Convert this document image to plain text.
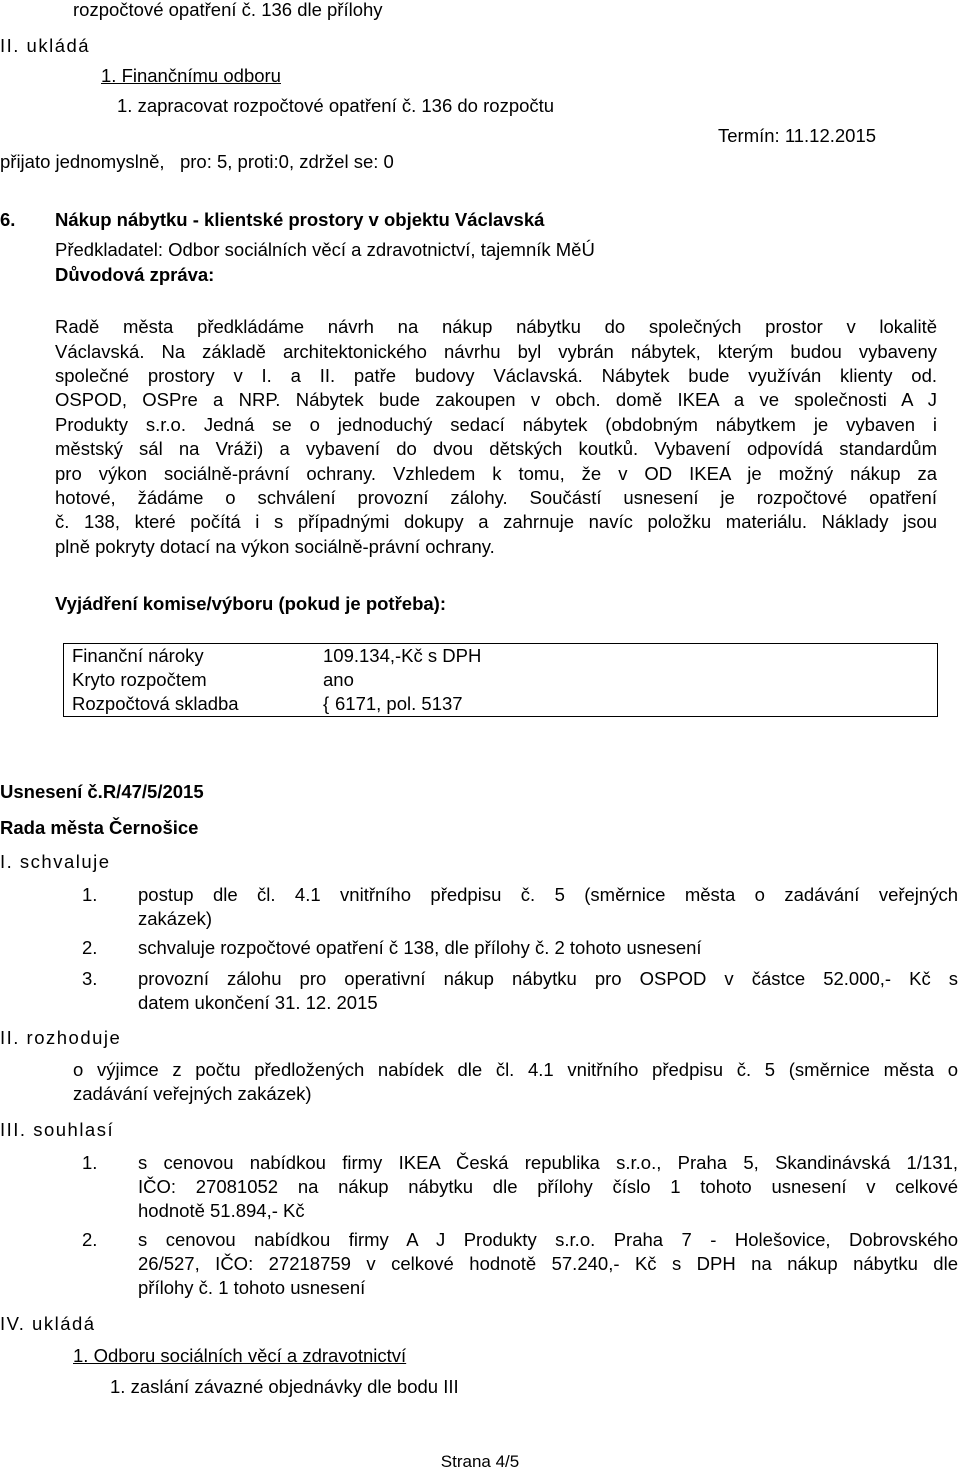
rozpočtové opatření č. 136 dle přílohy
II. ukládá
1. Finančnímu odboru
1. zapracovat rozpočtové opatření č. 136 do rozpočtu
přijato jednomyslně,   pro: 5, proti:0, zdržel se: 0
Termín: 11.12.2015
6. Nákup nábytku - klientské prostory v objektu Václavská
Předkladatel: Odbor sociálních věcí a zdravotnictví, tajemník MěÚ
Důvodová zpráva:
Radě města předkládáme návrh na nákup nábytku do společných prostor v lokalitě
Václavská. Na základě architektonického návrhu byl vybrán nábytek, kterým budou vybaveny
společné prostory v I. a II. patře budovy Václavská. Nábytek bude využíván klienty od.
OSPOD, OSPre a NRP. Nábytek bude zakoupen v obch. domě IKEA a ve společnosti A J
Produkty s.r.o. Jedná se o jednoduchý sedací nábytek (obdobným nábytkem je vybaven i
městský sál na Vráži) a vybavení do dvou dětských koutků. Vybavení odpovídá standardům
pro výkon sociálně-právní ochrany. Vzhledem k tomu, že v OD IKEA je možný nákup za
hotové, žádáme o schválení provozní zálohy. Součástí usnesení je rozpočtové opatření
č. 138, které počítá i s případnými dokupy a zahrnuje navíc položku materiálu. Náklady jsou
plně pokryty dotací na výkon sociálně-právní ochrany.
Vyjádření komise/výboru (pokud je potřeba):
Finanční nároky	109.134,-Kč s DPH
Kryto rozpočtem	ano
Rozpočtová skladba	{ 6171, pol. 5137
Usnesení č.R/47/5/2015
Rada města Černošice
I. schvaluje
1. postup dle čl. 4.1 vnitřního předpisu č. 5 (směrnice města o zadávání veřejných
zakázek)
2. schvaluje rozpočtové opatření č 138, dle přílohy č. 2 tohoto usnesení
3. provozní zálohu pro operativní nákup nábytku pro OSPOD v částce 52.000,- Kč s
datem ukončení 31. 12. 2015
II. rozhoduje
o výjimce z počtu předložených nabídek dle čl. 4.1 vnitřního předpisu č. 5 (směrnice města o
zadávání veřejných zakázek)
III. souhlasí
1. s cenovou nabídkou firmy IKEA Česká republika s.r.o., Praha 5, Skandinávská 1/131,
IČO: 27081052 na nákup nábytku dle přílohy číslo 1 tohoto usnesení v celkové
hodnotě 51.894,- Kč
2. s cenovou nabídkou firmy A J Produkty s.r.o. Praha 7 - Holešovice, Dobrovského
26/527, IČO: 27218759 v celkové hodnotě 57.240,- Kč s DPH na nákup nábytku dle
přílohy č. 1 tohoto usnesení
IV. ukládá
1. Odboru sociálních věcí a zdravotnictví
1. zaslání závazné objednávky dle bodu III
Strana 4/5
